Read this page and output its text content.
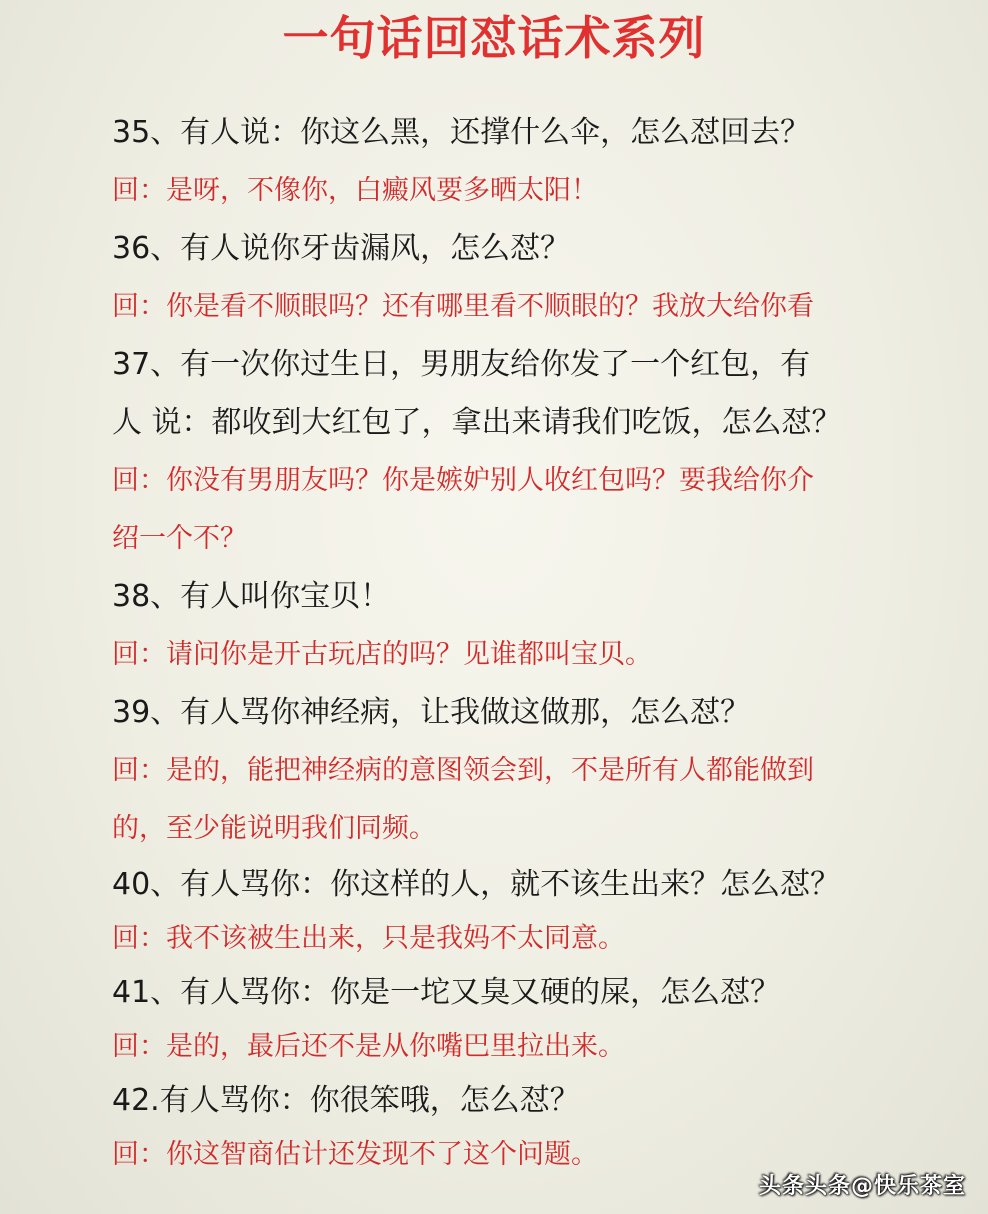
一句话回怼话术系列
35、有人说：你这么黑，还撑什么伞，怎么怼回去？
回：是呀，不像你，白癜风要多晒太阳！
36、有人说你牙齿漏风，怎么怼？
回：你是看不顺眼吗？还有哪里看不顺眼的？我放大给你看
37、有一次你过生日，男朋友给你发了一个红包，有
人 说：都收到大红包了，拿出来请我们吃饭，怎么怼？
回：你没有男朋友吗？你是嫉妒别人收红包吗？要我给你介
绍一个不？
38、有人叫你宝贝！
回：请问你是开古玩店的吗？见谁都叫宝贝。
39、有人骂你神经病，让我做这做那，怎么怼？
回：是的，能把神经病的意图领会到，不是所有人都能做到
的，至少能说明我们同频。
40、有人骂你：你这样的人，就不该生出来？怎么怼？
回：我不该被生出来，只是我妈不太同意。
41、有人骂你：你是一坨又臭又硬的屎，怎么怼？
回：是的，最后还不是从你嘴巴里拉出来。
42.有人骂你：你很笨哦，怎么怼？
回：你这智商估计还发现不了这个问题。
头条头条@快乐茶室
